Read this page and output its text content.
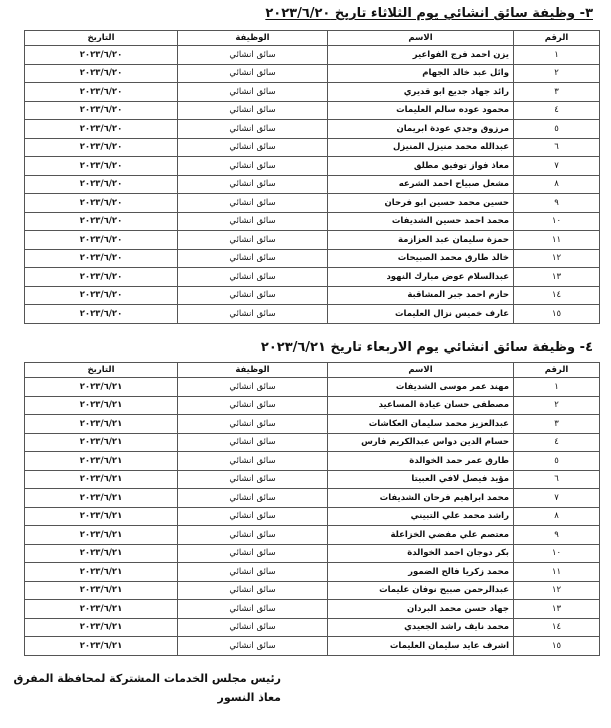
٣- وظيفة سائق انشائي يوم الثلاثاء تاريخ ٢٠٢٣/٦/٢٠
الرقم	الاسم	الوظيفة	التاريخ
١	يزن احمد فرج الفواعير	سائق انشائي	٢٠٢٣/٦/٢٠
٢	وائل عبد خالد الجهام	سائق انشائي	٢٠٢٣/٦/٢٠
٣	رائد جهاد جديع ابو قديري	سائق انشائي	٢٠٢٣/٦/٢٠
٤	محمود عوده سالم العليمات	سائق انشائي	٢٠٢٣/٦/٢٠
٥	مرزوق وجدي عودة ابريمان	سائق انشائي	٢٠٢٣/٦/٢٠
٦	عبدالله محمد منيزل المنيزل	سائق انشائي	٢٠٢٣/٦/٢٠
٧	معاذ فواز توفيق مطلق	سائق انشائي	٢٠٢٣/٦/٢٠
٨	مشعل صبياح احمد الشرعه	سائق انشائي	٢٠٢٣/٦/٢٠
٩	حسين محمد حسين ابو فرحان	سائق انشائي	٢٠٢٣/٦/٢٠
١٠	محمد احمد حسين الشديفات	سائق انشائي	٢٠٢٣/٦/٢٠
١١	حمزة سليمان عبد العزازمة	سائق انشائي	٢٠٢٣/٦/٢٠
١٢	خالد طارق محمد الصبيحات	سائق انشائي	٢٠٢٣/٦/٢٠
١٣	عبدالسلام عوض مبارك النهود	سائق انشائي	٢٠٢٣/٦/٢٠
١٤	حازم احمد جبر المشاقبة	سائق انشائي	٢٠٢٣/٦/٢٠
١٥	عارف خميس نزال العليمات	سائق انشائي	٢٠٢٣/٦/٢٠
٤- وظيفة سائق انشائي يوم الاربعاء تاريخ ٢٠٢٣/٦/٢١
الرقم	الاسم	الوظيفة	التاريخ
١	مهند عمر موسى الشديفات	سائق انشائي	٢٠٢٣/٦/٢١
٢	مصطفى حسان عيادة المساعيد	سائق انشائي	٢٠٢٣/٦/٢١
٣	عبدالعزيز محمد سليمان العكاشات	سائق انشائي	٢٠٢٣/٦/٢١
٤	حسام الدين دواس عبدالكريم فارس	سائق انشائي	٢٠٢٣/٦/٢١
٥	طارق عمر حمد الخوالدة	سائق انشائي	٢٠٢٣/٦/٢١
٦	مؤيد فيصل لافي العبيتا	سائق انشائي	٢٠٢٣/٦/٢١
٧	محمد ابراهيم فرحان الشديفات	سائق انشائي	٢٠٢٣/٦/٢١
٨	راشد محمد علي التبيني	سائق انشائي	٢٠٢٣/٦/٢١
٩	معتصم علي مفضي الخزاعلة	سائق انشائي	٢٠٢٣/٦/٢١
١٠	بكر دوجان احمد الخوالدة	سائق انشائي	٢٠٢٣/٦/٢١
١١	محمد زكريا فالح الضمور	سائق انشائي	٢٠٢٣/٦/٢١
١٢	عبدالرحمن صبيح نوفان عليمات	سائق انشائي	٢٠٢٣/٦/٢١
١٣	جهاد حسن محمد البردان	سائق انشائي	٢٠٢٣/٦/٢١
١٤	محمد نايف راشد الجعيدي	سائق انشائي	٢٠٢٣/٦/٢١
١٥	اشرف عايد سليمان العليمات	سائق انشائي	٢٠٢٣/٦/٢١
رئيس مجلس الخدمات المشتركة لمحافظة المفرق
معاذ النسور
